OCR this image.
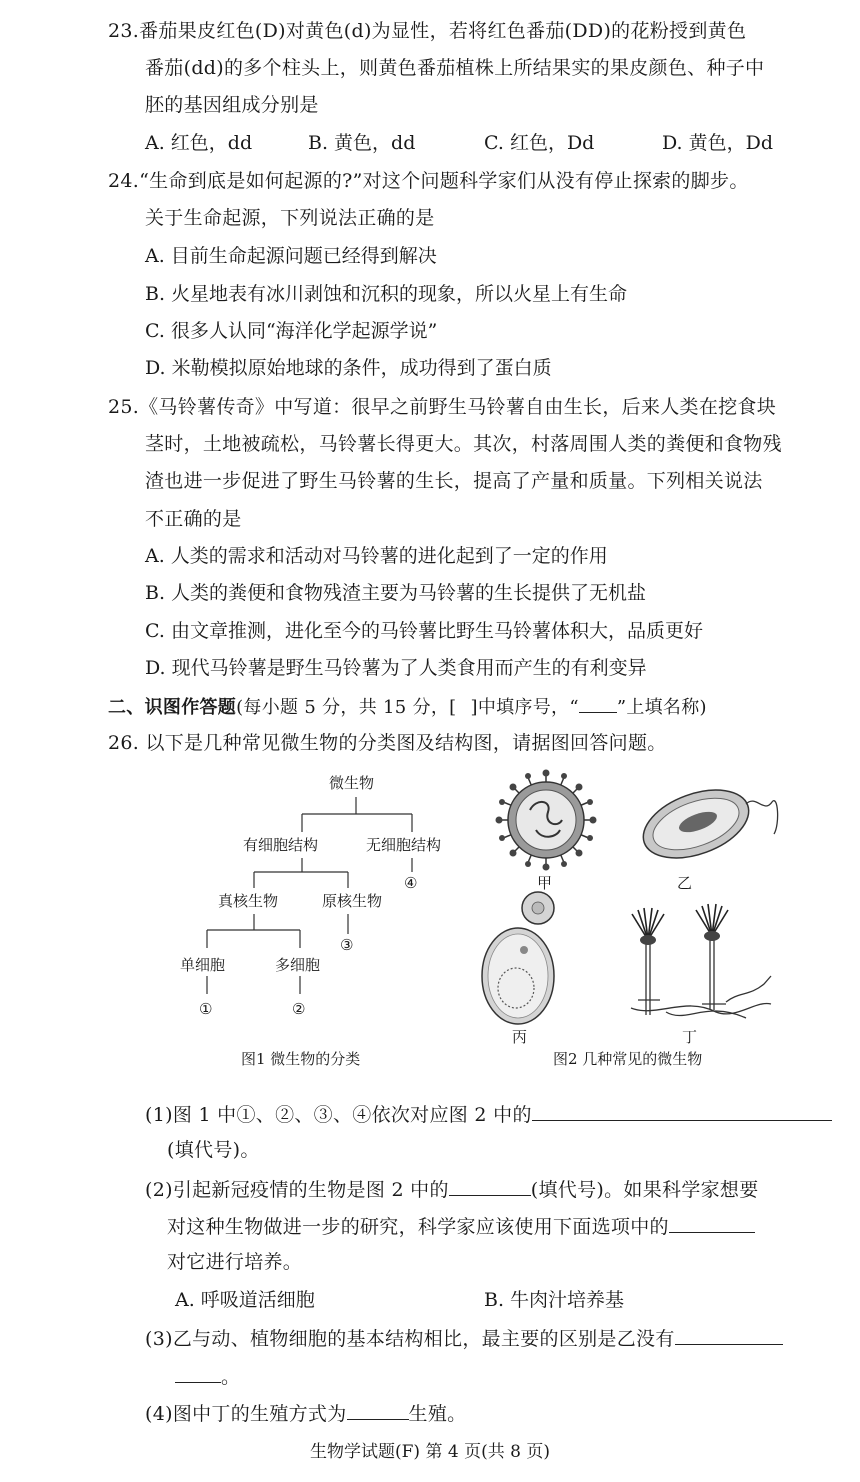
23.番茄果皮红色(D)对黄色(d)为显性，若将红色番茄(DD)的花粉授到黄色
番茄(dd)的多个柱头上，则黄色番茄植株上所结果实的果皮颜色、种子中
胚的基因组成分别是
A. 红色，dd	B. 黄色，dd	C. 红色，Dd	D. 黄色，Dd
24.“生命到底是如何起源的?”对这个问题科学家们从没有停止探索的脚步。
关于生命起源，下列说法正确的是
A. 目前生命起源问题已经得到解决
B. 火星地表有冰川剥蚀和沉积的现象，所以火星上有生命
C. 很多人认同“海洋化学起源学说”
D. 米勒模拟原始地球的条件，成功得到了蛋白质
25.《马铃薯传奇》中写道：很早之前野生马铃薯自由生长，后来人类在挖食块
茎时，土地被疏松，马铃薯长得更大。其次，村落周围人类的粪便和食物残
渣也进一步促进了野生马铃薯的生长，提高了产量和质量。下列相关说法
不正确的是
A. 人类的需求和活动对马铃薯的进化起到了一定的作用
B. 人类的粪便和食物残渣主要为马铃薯的生长提供了无机盐
C. 由文章推测，进化至今的马铃薯比野生马铃薯体积大，品质更好
D. 现代马铃薯是野生马铃薯为了人类食用而产生的有利变异
二、识图作答题(每小题 5 分，共 15 分，[ ]中填序号，“ ”上填名称)
26. 以下是几种常见微生物的分类图及结构图，请据图回答问题。
微生物
有细胞结构	无细胞结构
④
真核生物	原核生物
③
单细胞	多细胞
①	②
图1 微生物的分类
甲	乙
丙	丁
图2 几种常见的微生物
(1)图 1 中①、②、③、④依次对应图 2 中的
(填代号)。
(2)引起新冠疫情的生物是图 2 中的	(填代号)。如果科学家想要
对这种生物做进一步的研究，科学家应该使用下面选项中的
对它进行培养。
A. 呼吸道活细胞	B. 牛肉汁培养基
(3)乙与动、植物细胞的基本结构相比，最主要的区别是乙没有
。
(4)图中丁的生殖方式为	生殖。
生物学试题(F) 第 4 页(共 8 页)
